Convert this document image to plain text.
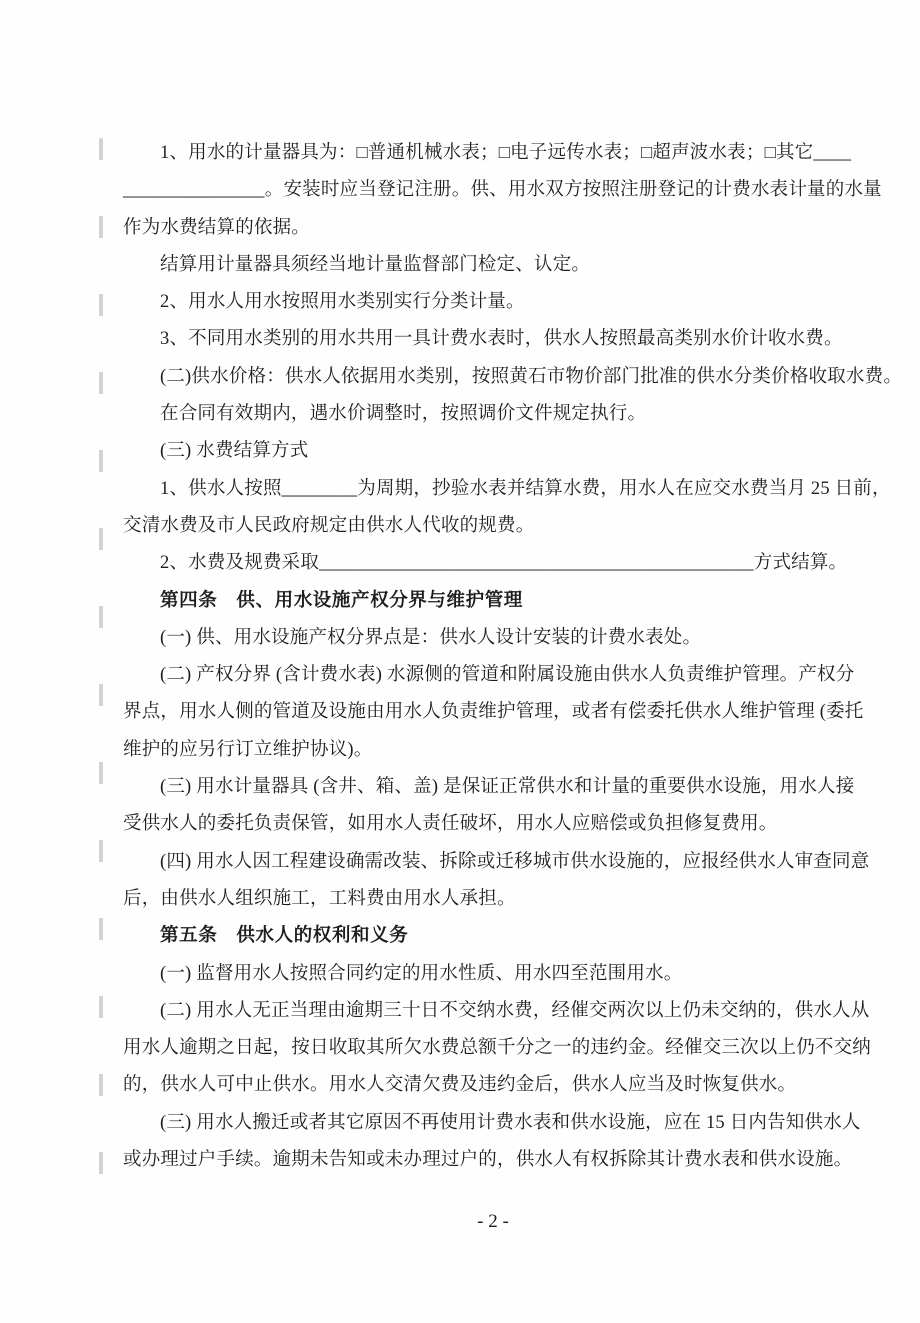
1、用水的计量器具为：□普通机械水表；□电子远传水表；□超声波水表；□其它____
_______________。安装时应当登记注册。供、用水双方按照注册登记的计费水表计量的水量
作为水费结算的依据。
结算用计量器具须经当地计量监督部门检定、认定。
2、用水人用水按照用水类别实行分类计量。
3、不同用水类别的用水共用一具计费水表时，供水人按照最高类别水价计收水费。
(二)供水价格：供水人依据用水类别，按照黄石市物价部门批准的供水分类价格收取水费。
在合同有效期内，遇水价调整时，按照调价文件规定执行。
(三) 水费结算方式
1、供水人按照________为周期，抄验水表并结算水费，用水人在应交水费当月 25 日前，
交清水费及市人民政府规定由供水人代收的规费。
2、水费及规费采取______________________________________________方式结算。
第四条　供、用水设施产权分界与维护管理
(一) 供、用水设施产权分界点是：供水人设计安装的计费水表处。
(二) 产权分界 (含计费水表) 水源侧的管道和附属设施由供水人负责维护管理。产权分
界点，用水人侧的管道及设施由用水人负责维护管理，或者有偿委托供水人维护管理 (委托
维护的应另行订立维护协议)。
(三) 用水计量器具 (含井、箱、盖) 是保证正常供水和计量的重要供水设施，用水人接
受供水人的委托负责保管，如用水人责任破坏，用水人应赔偿或负担修复费用。
(四) 用水人因工程建设确需改装、拆除或迁移城市供水设施的，应报经供水人审查同意
后，由供水人组织施工，工料费由用水人承担。
第五条　供水人的权利和义务
(一) 监督用水人按照合同约定的用水性质、用水四至范围用水。
(二) 用水人无正当理由逾期三十日不交纳水费，经催交两次以上仍未交纳的，供水人从
用水人逾期之日起，按日收取其所欠水费总额千分之一的违约金。经催交三次以上仍不交纳
的，供水人可中止供水。用水人交清欠费及违约金后，供水人应当及时恢复供水。
(三) 用水人搬迁或者其它原因不再使用计费水表和供水设施，应在 15 日内告知供水人
或办理过户手续。逾期未告知或未办理过户的，供水人有权拆除其计费水表和供水设施。
- 2 -
